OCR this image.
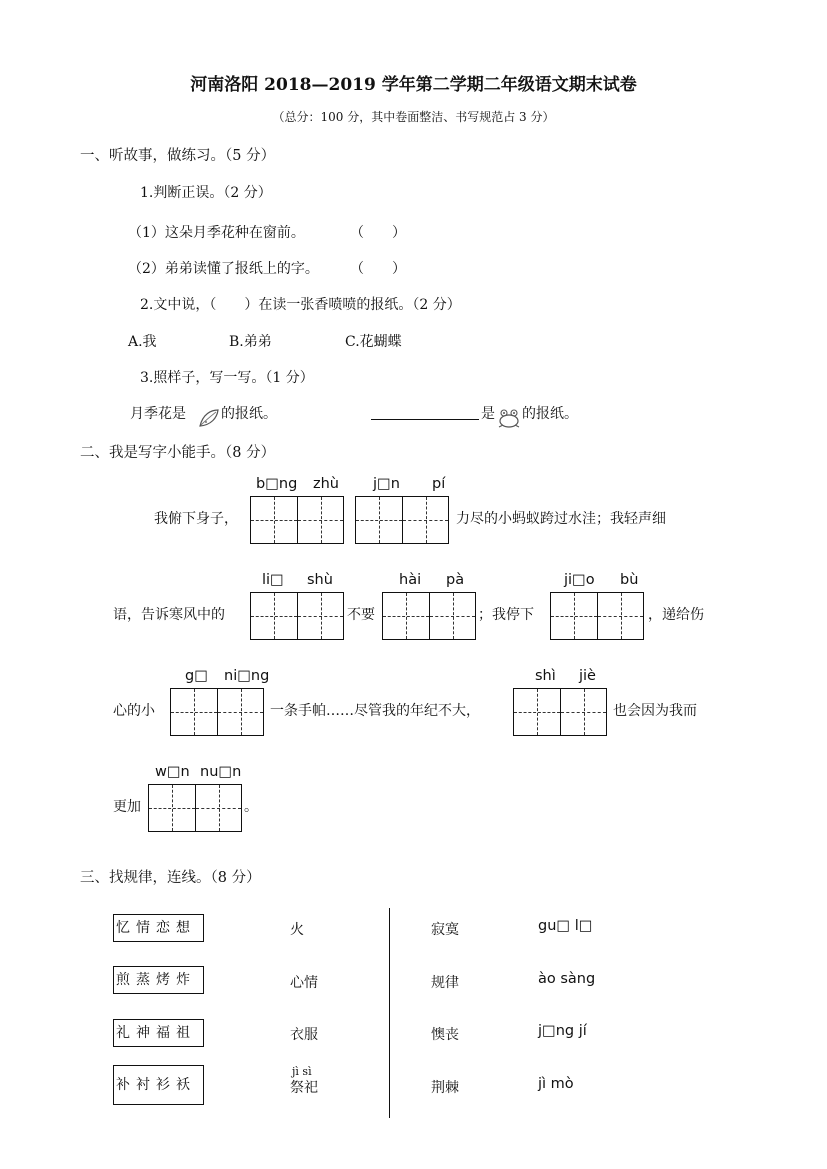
河南洛阳 2018—2019 学年第二学期二年级语文期末试卷
（总分：100 分，其中卷面整洁、书写规范占 3 分）
一、听故事，做练习。（5 分）
1.判断正误。（2 分）
（1）这朵月季花种在窗前。	（　　）
（2）弟弟读懂了报纸上的字。 （　　）
2.文中说，（　　）在读一张香喷喷的报纸。（2 分）
A.我	B.弟弟	C.花蝴蝶
3.照样子，写一写。（1 分）
月季花是	的报纸。	是 的报纸。
二、我是写字小能手。（8 分）
b□ng zhù j□n pí
我俯下身子，	力尽的小蚂蚁跨过水洼；我轻声细
li□ shù	hài pà	ji□o bù
语，告诉寒风中的	不要	；我停下	，递给伤
g□ ni□ng	shì jiè
心的小	一条手帕……尽管我的年纪不大，	也会因为我而
w□n nu□n
更加	。
三、找规律，连线。（8 分）
忆情恋想
煎蒸烤炸
礼神福祖
补衬衫袄
火
心情
衣服
jì sì
祭祀
寂寞
规律
懊丧
荆棘
gu□ l□
ào sàng
j□ng jí
jì mò
